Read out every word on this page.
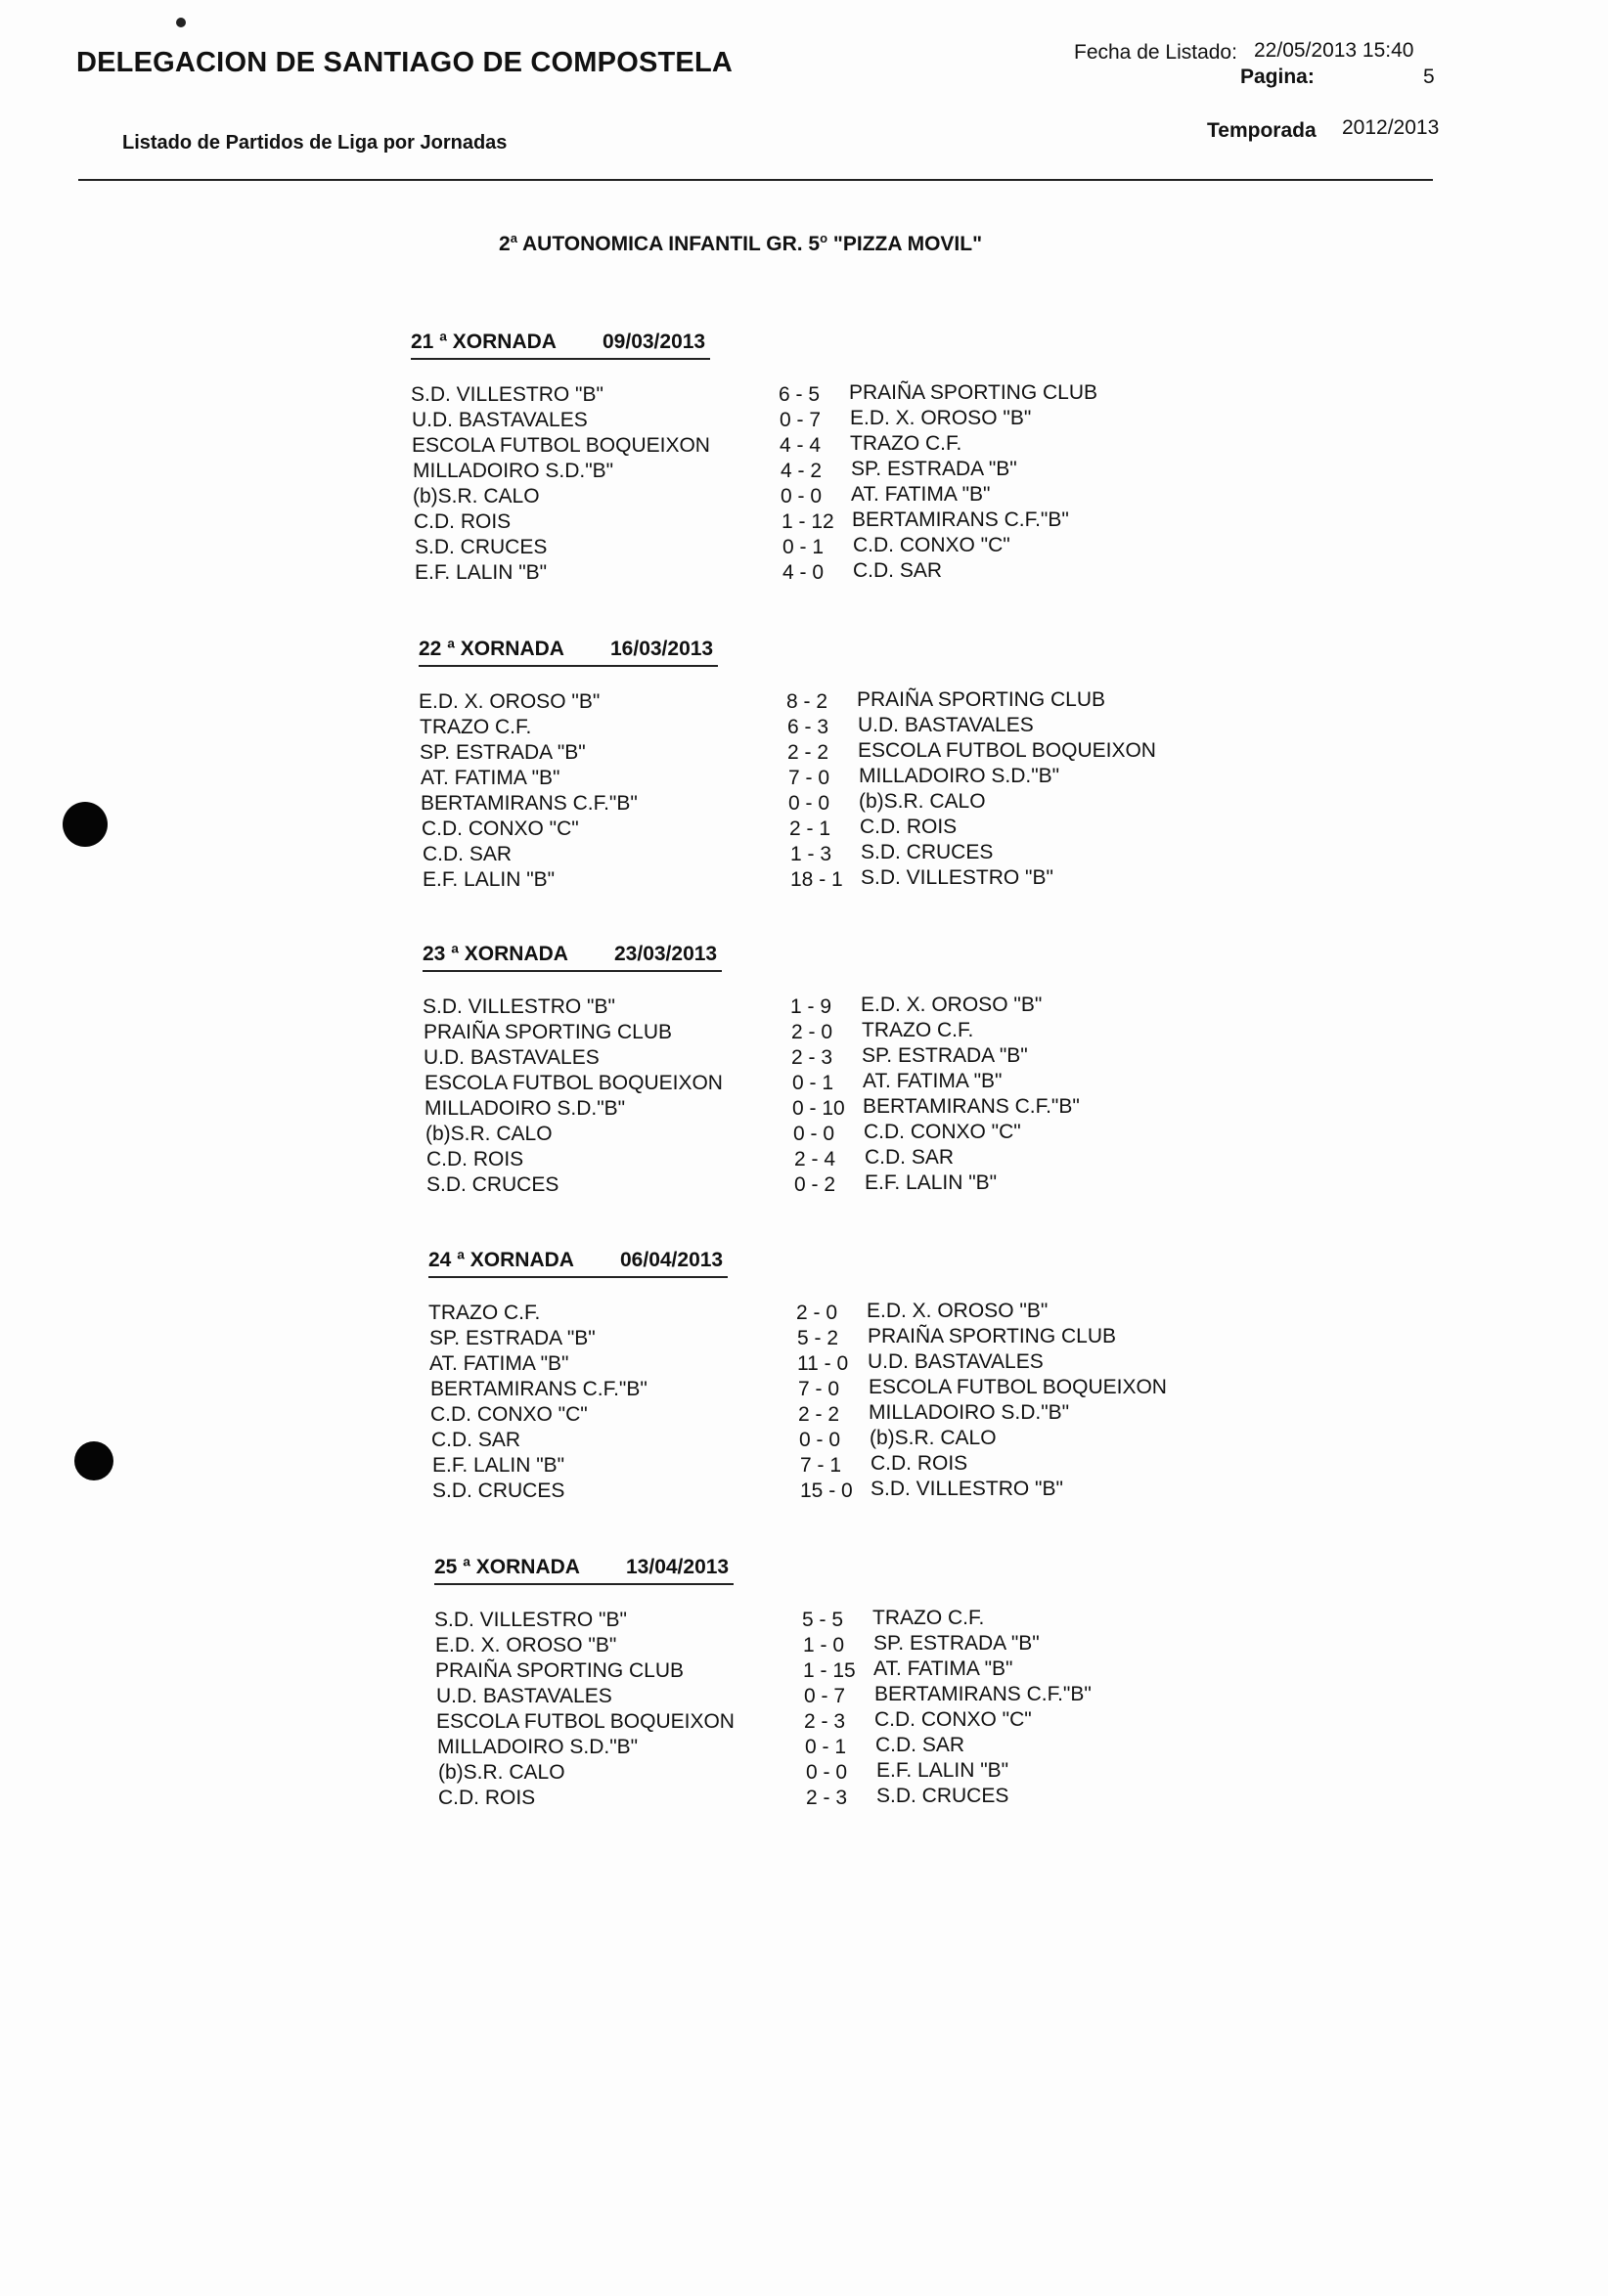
DELEGACION DE SANTIAGO DE COMPOSTELA
Listado de Partidos de Liga por Jornadas
Fecha de Listado: 22/05/2013 15:40
Pagina:	5
Temporada 2012/2013
2$^a$ AUTONOMICA INFANTIL GR. 5$^o$ "PIZZA MOVIL"
21 ª XORNADA 09/03/2013
S.D. VILLESTRO "B"	6 - 5 PRAIÑA SPORTING CLUB
U.D. BASTAVALES	0 - 7 E.D. X. OROSO "B"
ESCOLA FUTBOL BOQUEIXON	4 - 4 TRAZO C.F.
MILLADOIRO S.D."B"	4 - 2 SP. ESTRADA "B"
(b)S.R. CALO	0 - 0 AT. FATIMA "B"
C.D. ROIS	1 - 12 BERTAMIRANS C.F."B"
S.D. CRUCES	0 - 1 C.D. CONXO "C"
E.F. LALIN "B"	4 - 0 C.D. SAR
22 ª XORNADA 16/03/2013
E.D. X. OROSO "B"	8 - 2 PRAIÑA SPORTING CLUB
TRAZO C.F.	6 - 3 U.D. BASTAVALES
SP. ESTRADA "B"	2 - 2 ESCOLA FUTBOL BOQUEIXON
AT. FATIMA "B"	7 - 0 MILLADOIRO S.D."B"
BERTAMIRANS C.F."B"	0 - 0 (b)S.R. CALO
C.D. CONXO "C"	2 - 1 C.D. ROIS
C.D. SAR	1 - 3 S.D. CRUCES
E.F. LALIN "B"	18 - 1 S.D. VILLESTRO "B"
23 ª XORNADA 23/03/2013
S.D. VILLESTRO "B"	1 - 9 E.D. X. OROSO "B"
PRAIÑA SPORTING CLUB	2 - 0 TRAZO C.F.
U.D. BASTAVALES	2 - 3 SP. ESTRADA "B"
ESCOLA FUTBOL BOQUEIXON	0 - 1 AT. FATIMA "B"
MILLADOIRO S.D."B"	0 - 10 BERTAMIRANS C.F."B"
(b)S.R. CALO	0 - 0 C.D. CONXO "C"
C.D. ROIS	2 - 4 C.D. SAR
S.D. CRUCES	0 - 2 E.F. LALIN "B"
24 ª XORNADA 06/04/2013
TRAZO C.F.	2 - 0 E.D. X. OROSO "B"
SP. ESTRADA "B"	5 - 2 PRAIÑA SPORTING CLUB
AT. FATIMA "B"	11 - 0 U.D. BASTAVALES
BERTAMIRANS C.F."B"	7 - 0 ESCOLA FUTBOL BOQUEIXON
C.D. CONXO "C"	2 - 2 MILLADOIRO S.D."B"
C.D. SAR	0 - 0 (b)S.R. CALO
E.F. LALIN "B"	7 - 1 C.D. ROIS
S.D. CRUCES	15 - 0 S.D. VILLESTRO "B"
25 ª XORNADA 13/04/2013
S.D. VILLESTRO "B"	5 - 5 TRAZO C.F.
E.D. X. OROSO "B"	1 - 0 SP. ESTRADA "B"
PRAIÑA SPORTING CLUB	1 - 15 AT. FATIMA "B"
U.D. BASTAVALES	0 - 7 BERTAMIRANS C.F."B"
ESCOLA FUTBOL BOQUEIXON	2 - 3 C.D. CONXO "C"
MILLADOIRO S.D."B"	0 - 1 C.D. SAR
(b)S.R. CALO	0 - 0 E.F. LALIN "B"
C.D. ROIS	2 - 3 S.D. CRUCES
